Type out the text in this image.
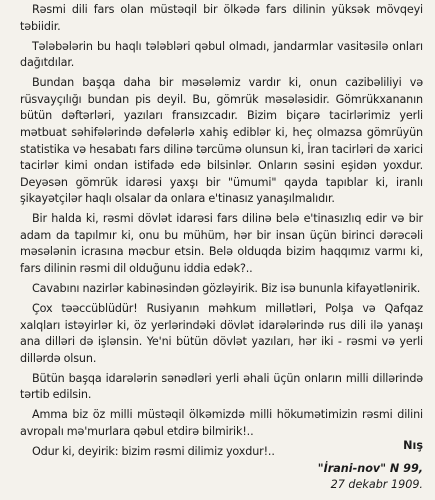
Rəsmi dili fars olan müstəqil bir ölkədə fars dilinin yüksək mövqeyi təbiidir.

Tələbələrin bu haqlı tələbləri qəbul olmadı, jandarmlar vasitəsilə onları dağıtdılar.

Bundan başqa daha bir məsələmiz vardır ki, onun cazibəliliyi və rüsvayçılığı bundan pis deyil. Bu, gömrük məsələsidir. Gömrükxananın bütün dəftərləri, yazıları fransızcadır. Bizim biçarə tacirlərimiz yerli mətbuat səhifələrində dəfələrlə xahiş ediblər ki, heç olmazsa gömrüyün statistika və hesabatı fars dilinə tərcümə olunsun ki, İran tacirləri də xarici tacirlər kimi ondan istifadə edə bilsinlər. Onların səsini eşidən yoxdur. Deyəsən gömrük idarəsi yaxşı bir "ümumi" qayda tapıblar ki, iranlı şikayətçilər haqlı olsalar da onlara e'tinasız yanaşılmalıdır.

Bir haldа ki, rəsmi dövlət idarəsi fars dilinə belə e'tinasızlıq edir və bir adam da tapılmır ki, onu bu mühüm, hər bir insan üçün birinci dərəcəli məsələnin icrasına məcbur etsin. Belə olduqda bizim haqqımız varmı ki, fars dilinin rəsmi dil olduğunu iddia edək?..

Cavabını nazirlər kabinəsindən gözləyirik. Biz isə bununla kifayətlənirik.

Çox təəccüblüdür! Rusiyanın məhkum millətləri, Polşa və Qafqaz xalqları istəyirlər ki, öz yerlərindəki dövlət idarələrində rus dili ilə yanaşı ana dilləri də işlənsin. Ye'ni bütün dövlət yazıları, hər iki - rəsmi və yerli dillərdə olsun.

Bütün başqa idarələrin sənədləri yerli əhali üçün onların milli dillərində tərtib edilsin.

Amma biz öz milli müstəqil ölkəmizdə milli hökumətimizin rəsmi dilini avropalı mə'murlara qəbul etdirə bilmirik!..

Odur ki, deyirik: bizim rəsmi dilimiz yoxdur!..	Nış
"İrani-nov" N 99,
27 dekabr 1909.
